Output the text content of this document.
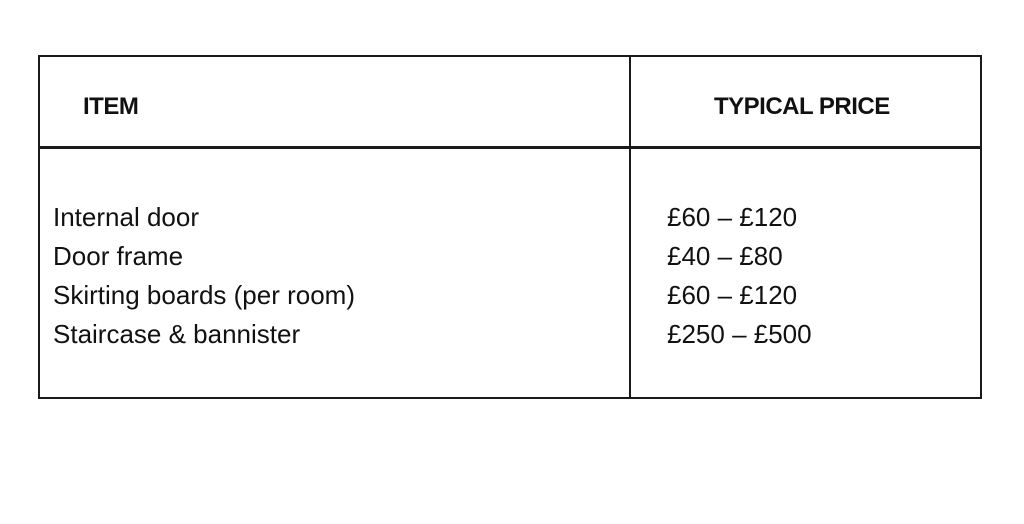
ITEM	TYPICAL PRICE
Internal door
Door frame
Skirting boards (per room)
Staircase & bannister
£60 – £120
£40 – £80
£60 – £120
£250 – £500
